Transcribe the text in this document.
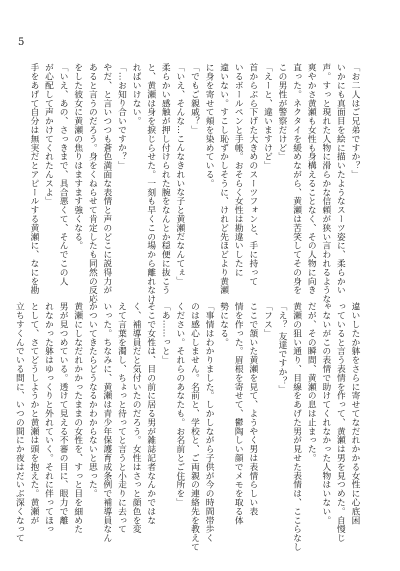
5
「お二人はご兄弟ですか？」
いかにも真面目を絵に描いたようなスーツ姿に、柔らかい
声。すっと現れた人物に滑らかな信頼が狭い言われるような
爽やかさ黄瀬も女性も身構えることなく、その人物に向き
直った。ネクタイを緩めながら、黄瀬は苦笑してその身を
この男性が警察だけど」
「えーと、違いますけど」
首からぶら下げた大きめのスーツフォンと、手に持って
いるボールペンと手帳。おそらく女性は勘違いしたに
違いない。すこし恥ずかしそうに、けれど先ほどより黄瀬
に身を寄せて頬を染めている。
「でもご親戚？」
「いえ、そんな…こんなきれいな子と黄瀬だなんてぇ」
柔らかい感触が押し付けられた腕をなんとか穏便に抜こう
と、黄瀬は身を捩じらせた。一刻も早くこの場から離れなけ
ればいけない。
「…お知り合いですか？」
やだ、と言いつつも蒼色満面な表情と声のどこに説得力が
あると言うのだろう。身をくねらせて肯定したも同然の反応
をした彼女に黄瀬の焦りはますます強くなる。
「いえ、あの、さっきまで、具合悪くて、そんでこの人
が心配して声かけてくれたんスよ」
手をあげて自分は無実だとアピールする黄瀬に、なにを勘
違いしたか躰をさらに寄せてなだれかかる女性に心底困
っていると言う表情を作って、黄瀬は男を見つめた。自慢じ
ゃないがこの表情で助けてくれなかった人物はいない。
だが、その瞬間、黄瀬の息は止まった。
黄瀬の狙い通り、目線をあげた男が見せた表情は、ここらなし
「え？ 友達ですか？」
「フス」
ここで頷いた黄瀬を見て、ようやく男は表情らしい表
情を作った。眉根を寄せて、鬱陶しい顔でメモを取る体
勢になる。
「事情はわかりました。しかしながら子供が今の時間帯歩く
のは感心しません。名前と、学校と、ご両親の連絡先を教えて
ください。それらのあなたも。お名前とご住所を」
「あ……っと」
そこで女性は、目の前に居る男が雑誌記者なんかではな
く、補導員だと気付いたのだろう。女性はさっと顔色を変
えて言葉を濁し、ちょっと待ってと言うと小走りに去って
いった。ちなみに、黄瀬は青少年保護育成条例で補導員なん
かついてきたらどうなるかわからないと思った。
黄瀬にしなだれかかったままの女性を、すっと目を細めた
男が見つめている。透けて見える不審の目に、眼力で離
れなかった躰はゆっくりと外れていく。それに伴ってほっ
として、さてどうしようかと黄瀬は頭を抱えた。黄瀬が
立ちすくんでいる間に、いつの間にか夜はだいぶ深くなって
